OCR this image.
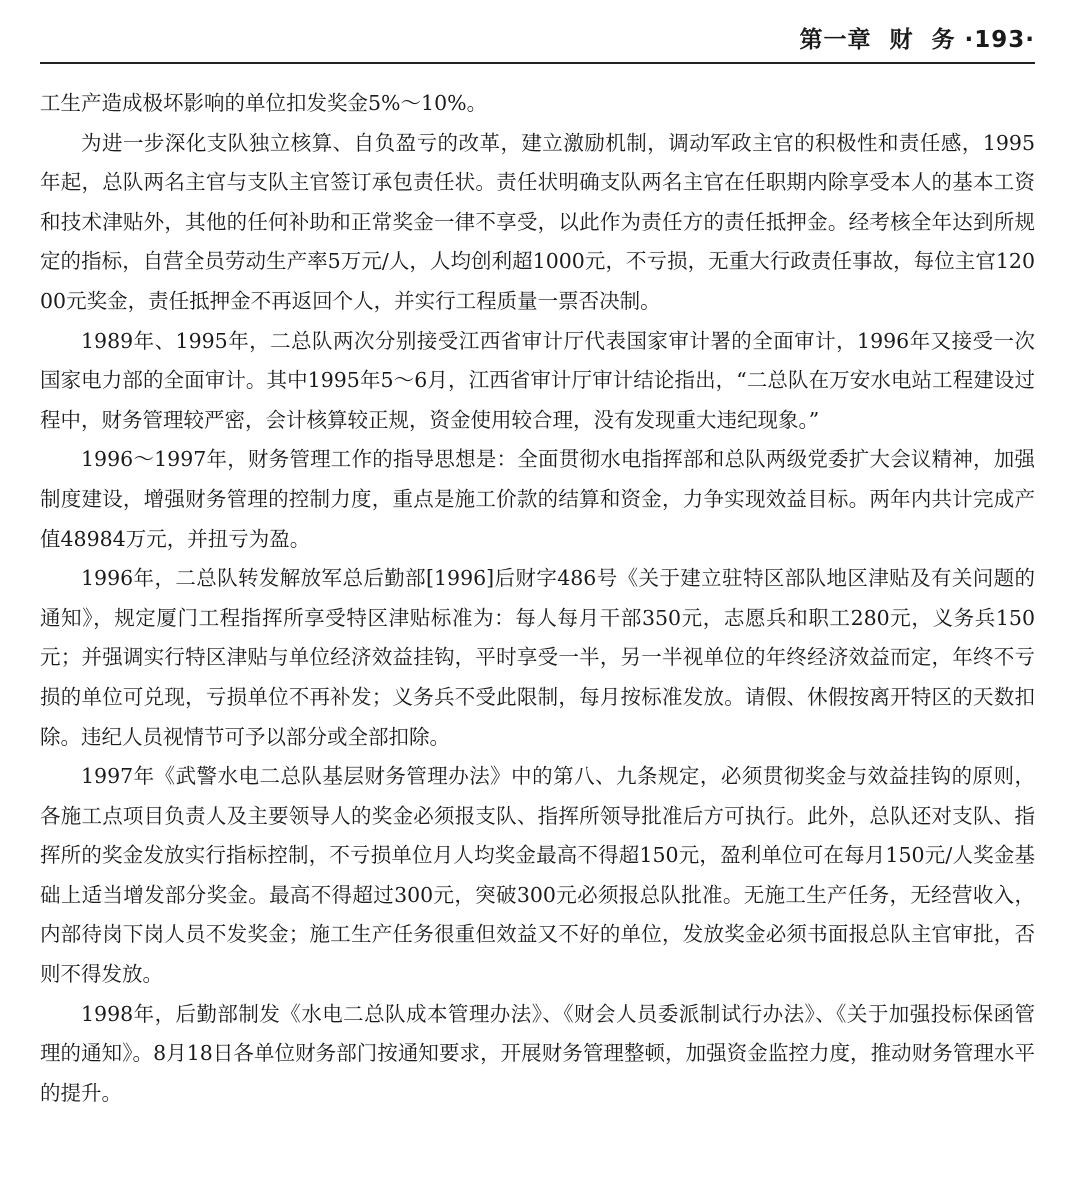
第一章  财  务 ·193·

工生产造成极坏影响的单位扣发奖金5%～10%。

为进一步深化支队独立核算、自负盈亏的改革，建立激励机制，调动军政主官的积极性和责任感，1995年起，总队两名主官与支队主官签订承包责任状。责任状明确支队两名主官在任职期内除享受本人的基本工资和技术津贴外，其他的任何补助和正常奖金一律不享受，以此作为责任方的责任抵押金。经考核全年达到所规定的指标，自营全员劳动生产率5万元/人，人均创利超1000元，不亏损，无重大行政责任事故，每位主官12000元奖金，责任抵押金不再返回个人，并实行工程质量一票否决制。

1989年、1995年，二总队两次分别接受江西省审计厅代表国家审计署的全面审计，1996年又接受一次国家电力部的全面审计。其中1995年5～6月，江西省审计厅审计结论指出，“二总队在万安水电站工程建设过程中，财务管理较严密，会计核算较正规，资金使用较合理，没有发现重大违纪现象。”

1996～1997年，财务管理工作的指导思想是：全面贯彻水电指挥部和总队两级党委扩大会议精神，加强制度建设，增强财务管理的控制力度，重点是施工价款的结算和资金，力争实现效益目标。两年内共计完成产值48984万元，并扭亏为盈。

1996年，二总队转发解放军总后勤部[1996]后财字486号《关于建立驻特区部队地区津贴及有关问题的通知》，规定厦门工程指挥所享受特区津贴标准为：每人每月干部350元，志愿兵和职工280元，义务兵150元；并强调实行特区津贴与单位经济效益挂钩，平时享受一半，另一半视单位的年终经济效益而定，年终不亏损的单位可兑现，亏损单位不再补发；义务兵不受此限制，每月按标准发放。请假、休假按离开特区的天数扣除。违纪人员视情节可予以部分或全部扣除。

1997年《武警水电二总队基层财务管理办法》中的第八、九条规定，必须贯彻奖金与效益挂钩的原则，各施工点项目负责人及主要领导人的奖金必须报支队、指挥所领导批准后方可执行。此外，总队还对支队、指挥所的奖金发放实行指标控制，不亏损单位月人均奖金最高不得超150元，盈利单位可在每月150元/人奖金基础上适当增发部分奖金。最高不得超过300元，突破300元必须报总队批准。无施工生产任务，无经营收入，内部待岗下岗人员不发奖金；施工生产任务很重但效益又不好的单位，发放奖金必须书面报总队主官审批，否则不得发放。

1998年，后勤部制发《水电二总队成本管理办法》、《财会人员委派制试行办法》、《关于加强投标保函管理的通知》。8月18日各单位财务部门按通知要求，开展财务管理整顿，加强资金监控力度，推动财务管理水平的提升。
